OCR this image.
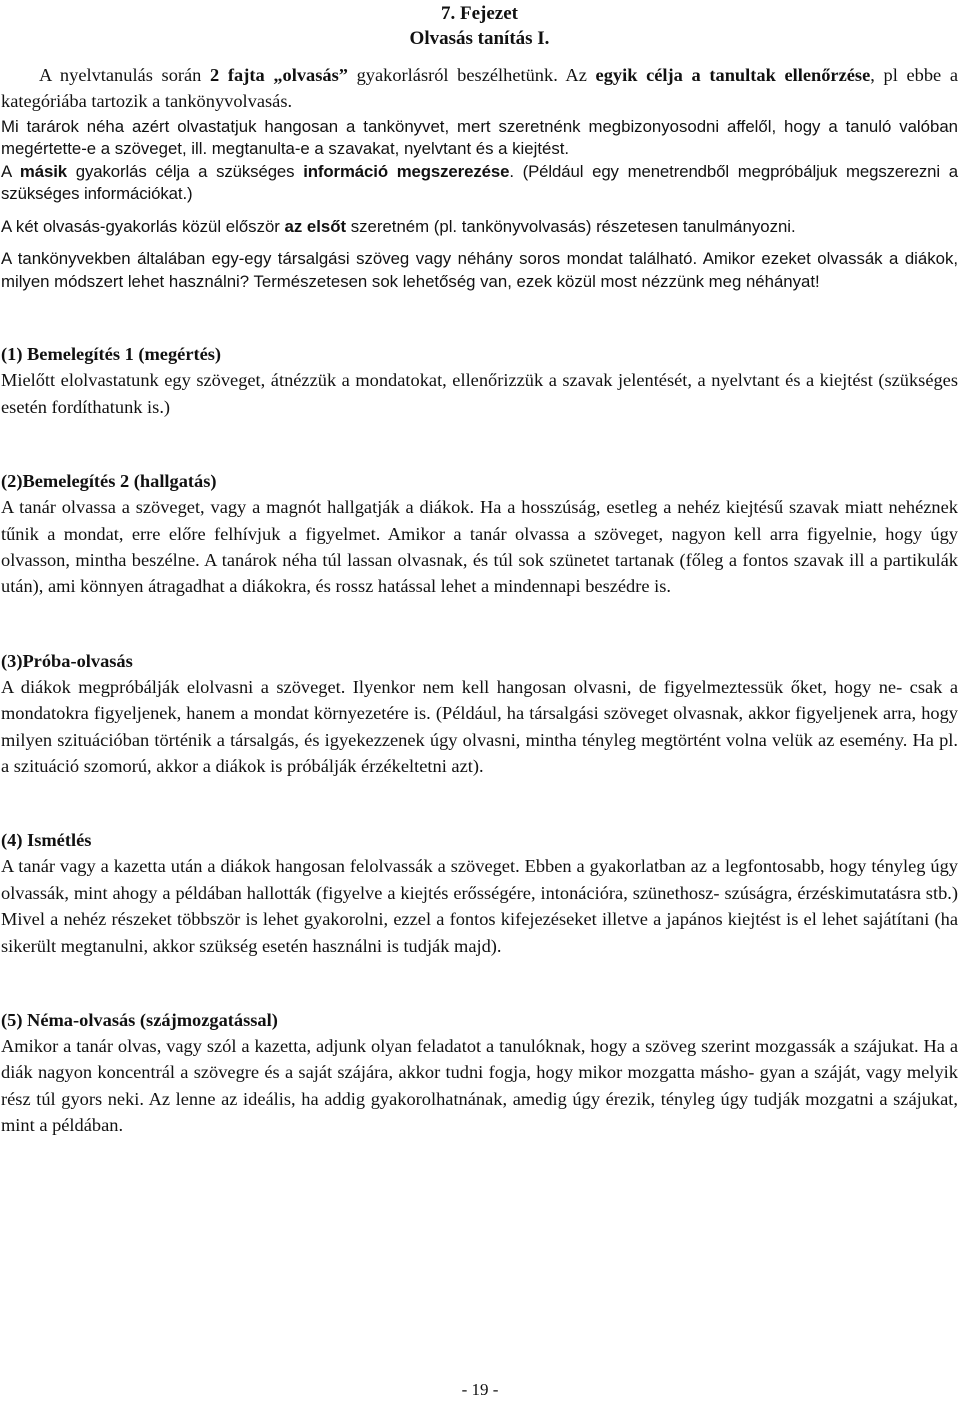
7. Fejezet
Olvasás tanítás I.

A nyelvtanulás során 2 fajta „olvasás” gyakorlásról beszélhetünk. Az egyik célja a tanultak ellenőrzése, pl ebbe a kategóriába tartozik a tankönyvolvasás.

Mi tarárok néha azért olvastatjuk hangosan a tankönyvet, mert szeretnénk megbizonyosodni affelől, hogy a tanuló valóban megértette-e a szöveget, ill. megtanulta-e a szavakat, nyelvtant és a kiejtést.

A másik gyakorlás célja a szükséges információ megszerezése. (Például egy menetrendből megpróbáljuk megszerezni a szükséges információkat.)

A két olvasás-gyakorlás közül először az elsőt szeretném (pl. tankönyvolvasás) részetesen tanulmányozni.

A tankönyvekben általában egy-egy társalgási szöveg vagy néhány soros mondat található. Amikor ezeket olvassák a diákok, milyen módszert lehet használni? Természetesen sok lehetőség van, ezek közül most nézzünk meg néhányat!

(1) Bemelegítés 1 (megértés)

Mielőtt elolvastatunk egy szöveget, átnézzük a mondatokat, ellenőrizzük a szavak jelentését, a nyelvtant és a kiejtést (szükséges esetén fordíthatunk is.)

(2)Bemelegítés 2 (hallgatás)

A tanár olvassa a szöveget, vagy a magnót hallgatják a diákok. Ha a hosszúság, esetleg a nehéz kiejtésű szavak miatt nehéznek tűnik a mondat, erre előre felhívjuk a figyelmet. Amikor a tanár olvassa a szöveget, nagyon kell arra figyelnie, hogy úgy olvasson, mintha beszélne. A tanárok néha túl lassan olvasnak, és túl sok szünetet tartanak (főleg a fontos szavak ill a partikulák után), ami könnyen átragadhat a diákokra, és rossz hatással lehet a mindennapi beszédre is.

(3)Próba-olvasás

A diákok megpróbálják elolvasni a szöveget. Ilyenkor nem kell hangosan olvasni, de figyelmeztessük őket, hogy ne- csak a mondatokra figyeljenek, hanem a mondat környezetére is. (Például, ha társalgási szöveget olvasnak, akkor figyeljenek arra, hogy milyen szituációban történik a társalgás, és igyekezzenek úgy olvasni, mintha tényleg megtörtént volna velük az esemény. Ha pl. a szituáció szomorú, akkor a diákok is próbálják érzékeltetni azt).

(4) Ismétlés

A tanár vagy a kazetta után a diákok hangosan felolvassák a szöveget. Ebben a gyakorlatban az a legfontosabb, hogy tényleg úgy olvassák, mint ahogy a példában hallották (figyelve a kiejtés erősségére, intonációra, szünethosz- szúságra, érzéskimutatásra stb.) Mivel a nehéz részeket többször is lehet gyakorolni, ezzel a fontos kifejezéseket illetve a japános kiejtést is el lehet sajátítani (ha sikerült megtanulni, akkor szükség esetén használni is tudják majd).

(5) Néma-olvasás (szájmozgatással)

Amikor a tanár olvas, vagy szól a kazetta, adjunk olyan feladatot a tanulóknak, hogy a szöveg szerint mozgassák a szájukat. Ha a diák nagyon koncentrál a szövegre és a saját szájára, akkor tudni fogja, hogy mikor mozgatta másho- gyan a száját, vagy melyik rész túl gyors neki. Az lenne az ideális, ha addig gyakorolhatnának, amedig úgy érezik, tényleg úgy tudják mozgatni a szájukat, mint a példában.

- 19 -
